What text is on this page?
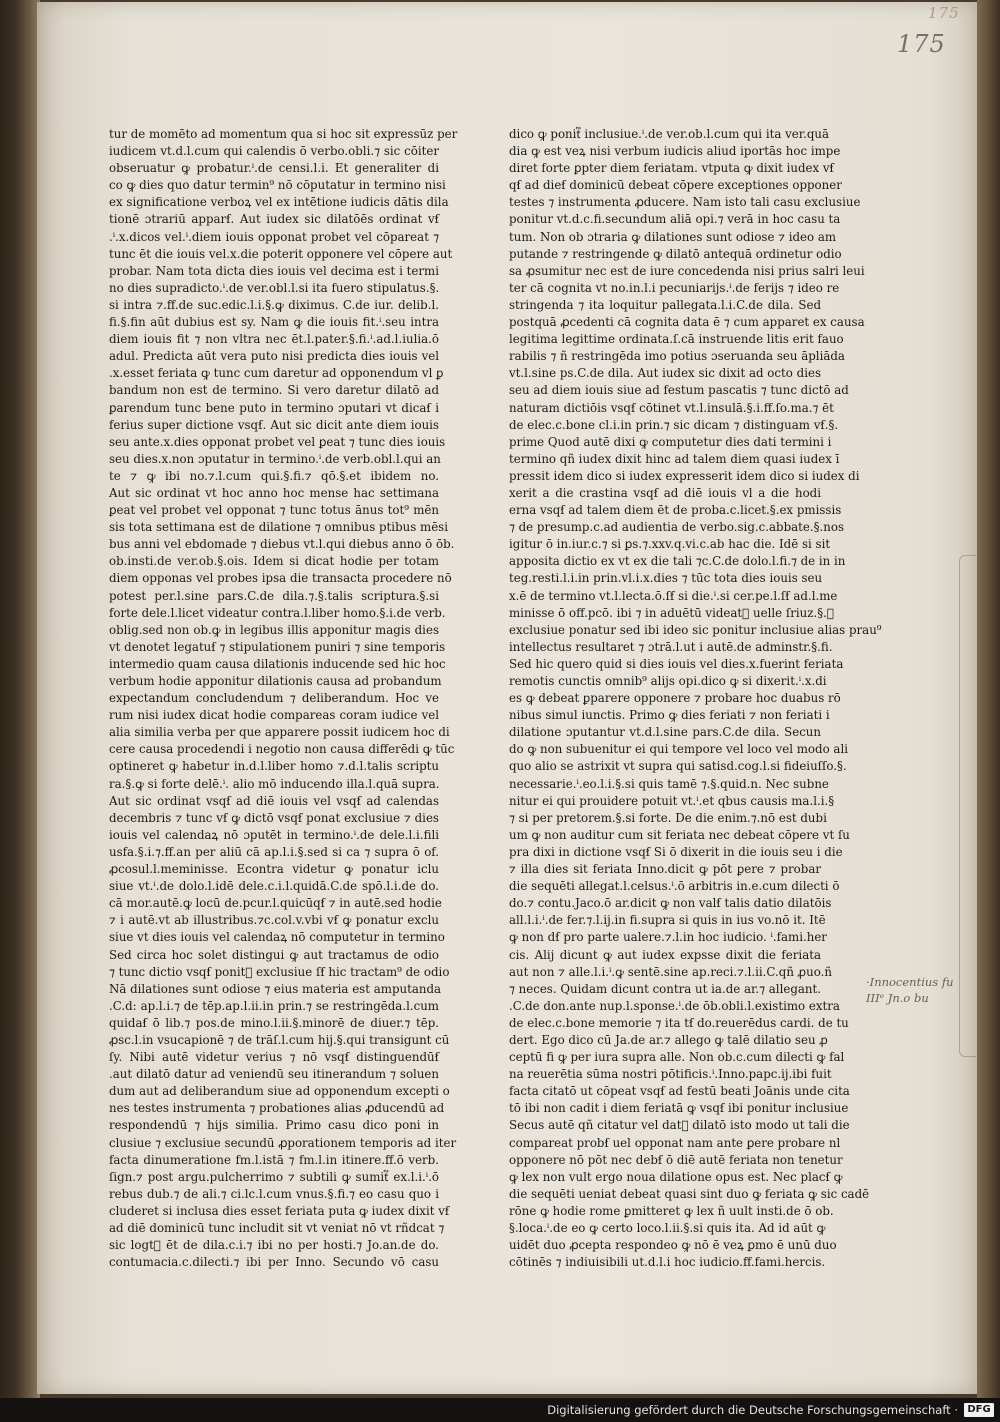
175
175
tur de momēto ad momentum qua si hoc sit expressūz per
iudicem vt.d.l.cum qui calendis ō verbo.obli.⁊ sic cōiter
obseruatur ꝙ probatur.ⁱ.de censi.l.i. Et generaliter di
co ꝙ dies quo datur termin⁹ nō cōputatur in termino nisi
ex significatione verboꝝ vel ex intētione iudicis dātis dila
tionē ɔtrariū apparẜ. Aut iudex sic dilatōēs ordinat vẜ
.ⁱ.x.dicos vel.ⁱ.diem iouis opponat probet vel cōpareat ⁊
tunc ēt die iouis vel.x.die poterit opponere vel cōpere aut
probar. Nam tota dicta dies iouis vel decima est i termi
no dies supradicto.ⁱ.de ver.obl.l.si ita fuero stipulatus.§.
si intra ⁊.ff.de suc.edic.l.i.§.ꝙ diximus. C.de iur. delib.l.
fi.§.fin aūt dubius est sy. Nam ꝙ die iouis fit.ⁱ.seu intra
diem iouis fit ⁊ non vltra nec ēt.l.pater.§.fi.ⁱ.ad.l.iulia.ō
adul. Predicta aūt vera puto nisi predicta dies iouis vel
.x.esset feriata ꝙ tunc cum daretur ad opponendum vl ꝑ
bandum non est de termino. Si vero daretur dilatō ad
ꝑarendum tunc bene puto in termino ɔputari vt dicaẜ i
ferius super dictione vsqẜ. Aut sic dicit ante diem iouis
seu ante.x.dies opponat probet vel ꝑeat ⁊ tunc dies iouis
seu dies.x.non ɔputatur in termino.ⁱ.de verb.obl.l.qui an
te ⁊ ꝙ ibi no.⁊.l.cum qui.§.fi.⁊ qō.§.et ibidem no.
Aut sic ordinat vt hoc anno hoc mense hac settimana
ꝑeat vel probet vel opponat ⁊ tunc totus ānus tot⁹ mēn
sis tota settimana est de dilatione ⁊ omnibus ptibus mēsi
bus anni vel ebdomade ⁊ diebus vt.l.qui diebus anno ō ōb.
ob.insti.de ver.ob.§.ois. Idem si dicat hodie per totam
diem opponas vel probes ipsa die transacta procedere nō
potest per.l.sine pars.C.de dila.⁊.§.talis scriptura.§.si
forte dele.l.licet videatur contra.l.liber homo.§.i.de verb.
oblig.sed non ob.ꝙ in legibus illis apponitur magis dies
vt denotet legatuẜ ⁊ stipulationem puniri ⁊ sine temporis
intermedio quam causa dilationis inducende sed hic hoc
verbum hodie apponitur dilationis causa ad probandum
expectandum concludendum ⁊ deliberandum. Hoc ve
rum nisi iudex dicat hodie compareas coram iudice vel
alia similia verba per que apparere possit iudicem hoc di
cere causa procedendi i negotio non causa differēdi ꝙ tūc
optineret ꝙ habetur in.d.l.liber homo ⁊.d.l.talis scriptu
ra.§.ꝙ si forte delē.ⁱ. alio mō inducendo illa.l.quā supra.
Aut sic ordinat vsqẜ ad diē iouis vel vsqẜ ad calendas
decembris ⁊ tunc vẜ ꝙ dictō vsqẜ ponat exclusiue ⁊ dies
iouis vel calendaꝝ nō ɔputēt in termino.ⁱ.de dele.l.i.fili
usfa.§.i.⁊.ff.an per aliū cā ap.l.i.§.sed si ca ⁊ supra ō of.
ꝓcosul.l.meminisse. Econtra videtur ꝙ ponatur iclu
siue vt.ⁱ.de dolo.l.idē dele.c.i.l.quidā.C.de spō.l.i.de do.
cā mor.autē.ꝙ locū de.pcur.l.quicūqẜ ⁊ in autē.sed hodie
⁊ i autē.vt ab illustribus.⁊c.col.v.vbi vẜ ꝙ ponatur exclu
siue vt dies iouis vel calendaꝝ nō computetur in termino
Sed circa hoc solet distingui ꝙ aut tractamus de odio
⁊ tunc dictio vsqẜ ponit᷑ exclusiue ſẜ hic tractam⁹ de odio
Nā dilationes sunt odiose ⁊ eius materia est amputanda
.C.d: ap.l.i.⁊ de tēp.ap.l.ii.in prin.⁊ se restringēda.l.cum
quidaẜ ō lib.⁊ pos.de mino.l.ii.§.minorē de diuer.⁊ tēp.
ꝓsc.l.in vsucapionē ⁊ de trāſ.l.cum hij.§.qui transigunt cū
ſy. Nibi autē videtur verius ⁊ nō vsqẜ distinguendūẜ
.aut dilatō datur ad veniendū seu itinerandum ⁊ soluen
dum aut ad deliberandum siue ad opponendum excepti o
nes testes instrumenta ⁊ probationes alias ꝓducendū ad
respondendū ⁊ hijs similia. Primo casu dico poni in
clusiue ⁊ exclusiue secundū ꝓporationem temporis ad iter
facta dinumeratione fm.l.istā ⁊ fm.l.in itinere.ff.ō verb.
ſign.⁊ post argu.pulcherrimo ⁊ subtili ꝙ sumit᷑ ex.l.i.ⁱ.ō
rebus dub.⁊ de ali.⁊ ci.lc.l.cum vnus.§.fi.⁊ eo casu quo i
cluderet si inclusa dies esset feriata puta ꝙ iudex dixit vẜ
ad diē dominicū tunc includit sit vt veniat nō vt rñdcat ⁊
sic logt᷑ ēt de dila.c.i.⁊ ibi no per hosti.⁊ Jo.an.de do.
contumacia.c.dilecti.⁊ ibi per Inno. Secundo vō casu
dico ꝙ ponit᷑ inclusiue.ⁱ.de ver.ob.l.cum qui ita ver.quā
dia ꝙ est veꝝ nisi verbum iudicis aliud iportās hoc impe
diret forte ꝑpter diem feriatam. vtputa ꝙ dixit iudex vẜ
qẜ ad dieẜ dominicū debeat cōpere exceptiones opponer
testes ⁊ instrumenta ꝓducere. Nam isto tali casu exclusiue
ponitur vt.d.c.fi.secundum aliā opi.⁊ verā in hoc casu ta
tum. Non ob ɔtraria ꝙ dilationes sunt odiose ⁊ ideo am
putande ⁊ restringende ꝙ dilatō antequā ordinetur odio
sa ꝓsumitur nec est de iure concedenda nisi prius salri leui
ter cā cognita vt no.in.l.i pecuniarijs.ⁱ.de ferijs ⁊ ideo re
stringenda ⁊ ita loquitur pallegata.l.i.C.de dila. Sed
postquā ꝓcedenti cā cognita data ē ⁊ cum apparet ex causa
legitima legittime ordinata.ſ.cā instruende litis erit fauo
rabilis ⁊ ñ restringēda imo potius ɔseruanda seu āpliāda
vt.l.sine ps.C.de dila. Aut iudex sic dixit ad octo dies
seu ad diem iouis siue ad festum pascatis ⁊ tunc dictō ad
naturam dictiōis vsqẜ cōtinet vt.l.insulā.§.i.ff.ſo.ma.⁊ ēt
de elec.c.bone cl.i.in prin.⁊ sic dicam ⁊ distinguam vẜ.§.
prime Quod autē dixi ꝙ computetur dies dati termini i
termino qñ iudex dixit hinc ad talem diem quasi iudex ī
pressit idem dico si iudex expresserit idem dico si iudex di
xerit a die crastina vsqẜ ad diē iouis vl a die hodi
erna vsqẜ ad talem diem ēt de proba.c.licet.§.ex pmissis
⁊ de presump.c.ad audientia de verbo.sig.c.abbate.§.nos
igitur ō in.iur.c.⁊ si ꝑs.⁊.xxv.q.vi.c.ab hac die. Idē si sit
apposita dictio ex vt ex die tali ⁊c.C.de dolo.l.fi.⁊ de in in
teg.resti.l.i.in prin.vl.i.x.dies ⁊ tūc tota dies iouis seu
x.ē de termino vt.l.lecta.ō.ſẜ si die.ⁱ.si cer.pe.l.ſẜ ad.l.me
minisse ō off.pcō. ibi ⁊ in aduētū videat᷑ uelle ſriuz.§.ꝙ
exclusiue ponatur sed ibi ideo sic ponitur inclusiue alias prau⁹
intellectus resultaret ⁊ ɔtrā.l.ut i autē.de adminstr.§.fi.
Sed hic quero quid si dies iouis vel dies.x.fuerint feriata
remotis cunctis omnib⁹ alijs opi.dico ꝙ si dixerit.ⁱ.x.di
es ꝙ debeat ꝑparere opponere ⁊ probare hoc duabus rō
nibus simul iunctis. Primo ꝙ dies feriati ⁊ non feriati i
dilatione ɔputantur vt.d.l.sine pars.C.de dila. Secun
do ꝙ non subuenitur ei qui tempore vel loco vel modo ali
quo alio se astrixit vt supra qui satisd.cog.l.si fideiuſſo.§.
necessarie.ⁱ.eo.l.i.§.si quis tamē ⁊.§.quid.n. Nec subne
nitur ei qui prouidere potuit vt.ⁱ.et qbus causis ma.l.i.§
⁊ si per pretorem.§.si forte. De die enim.⁊.nō est dubi
um ꝙ non auditur cum sit feriata nec debeat cōpere vt ſu
pra dixi in dictione vsqẜ Si ō dixerit in die iouis seu i die
⁊ illa dies sit feriata Inno.dicit ꝙ pōt ꝑere ⁊ probar
die sequēti allegat.l.celsus.ⁱ.ō arbitris in.e.cum dilecti ō
do.⁊ contu.Jaco.ō ar.dicit ꝙ non valẜ talis datio dilatōis
all.l.i.ⁱ.de fer.⁊.l.ij.in fi.supra si quis in ius vo.nō it. Itē
ꝙ non dẜ pro parte ualere.⁊.l.in hoc iudicio. ⁱ.fami.her
cis. Alij dicunt ꝙ aut iudex expsse dixit die feriata
aut non ⁊ alle.l.i.ⁱ.ꝙ sentē.sine ap.reci.⁊.l.ii.C.qñ ꝓuo.ñ
⁊ neces. Quidam dicunt contra ut ia.de ar.⁊ allegant.
.C.de don.ante nup.l.sponse.ⁱ.de ōb.obli.l.existimo extra
de elec.c.bone memorie ⁊ ita tẜ do.reuerēdus cardi. de tu
dert. Ego dico cū Ja.de ar.⁊ allego ꝙ talē dilatio seu ꝓ
ceptū fi ꝙ per iura supra alle. Non ob.c.cum dilecti ꝙ fal
na reuerētia sūma nostri pōtificis.ⁱ.Inno.papc.ij.ibi fuit
facta citatō ut cōpeat vsqẜ ad festū beati Joānis unde cita
tō ibi non cadit i diem feriatā ꝙ vsqẜ ibi ponitur inclusiue
Secus autē qñ citatur vel dat᷑ dilatō isto modo ut tali die
compareat probẜ uel opponat nam ante ꝑere probare nl
opponere nō pōt nec debẜ ō diē autē feriata non tenetur
ꝙ lex non vult ergo noua dilatione opus est. Nec placẜ ꝙ
die sequēti ueniat debeat quasi sint duo ꝙ feriata ꝙ sic cadē
rōne ꝙ hodie rome ꝑmitteret ꝙ lex ñ uult insti.de ō ob.
§.loca.ⁱ.de eo ꝙ certo loco.l.ii.§.si quis ita. Ad id aūt ꝙ
uidēt duo ꝓcepta respondeo ꝙ nō ē veꝝ ꝑmo ē unū duo
cōtinēs ⁊ indiuisibili ut.d.l.i hoc iudicio.ff.fami.hercis.
·Innocentius fu
IIIᵉ Jn.o bu
Digitalisierung gefördert durch die Deutsche Forschungsgemeinschaft · DFG
